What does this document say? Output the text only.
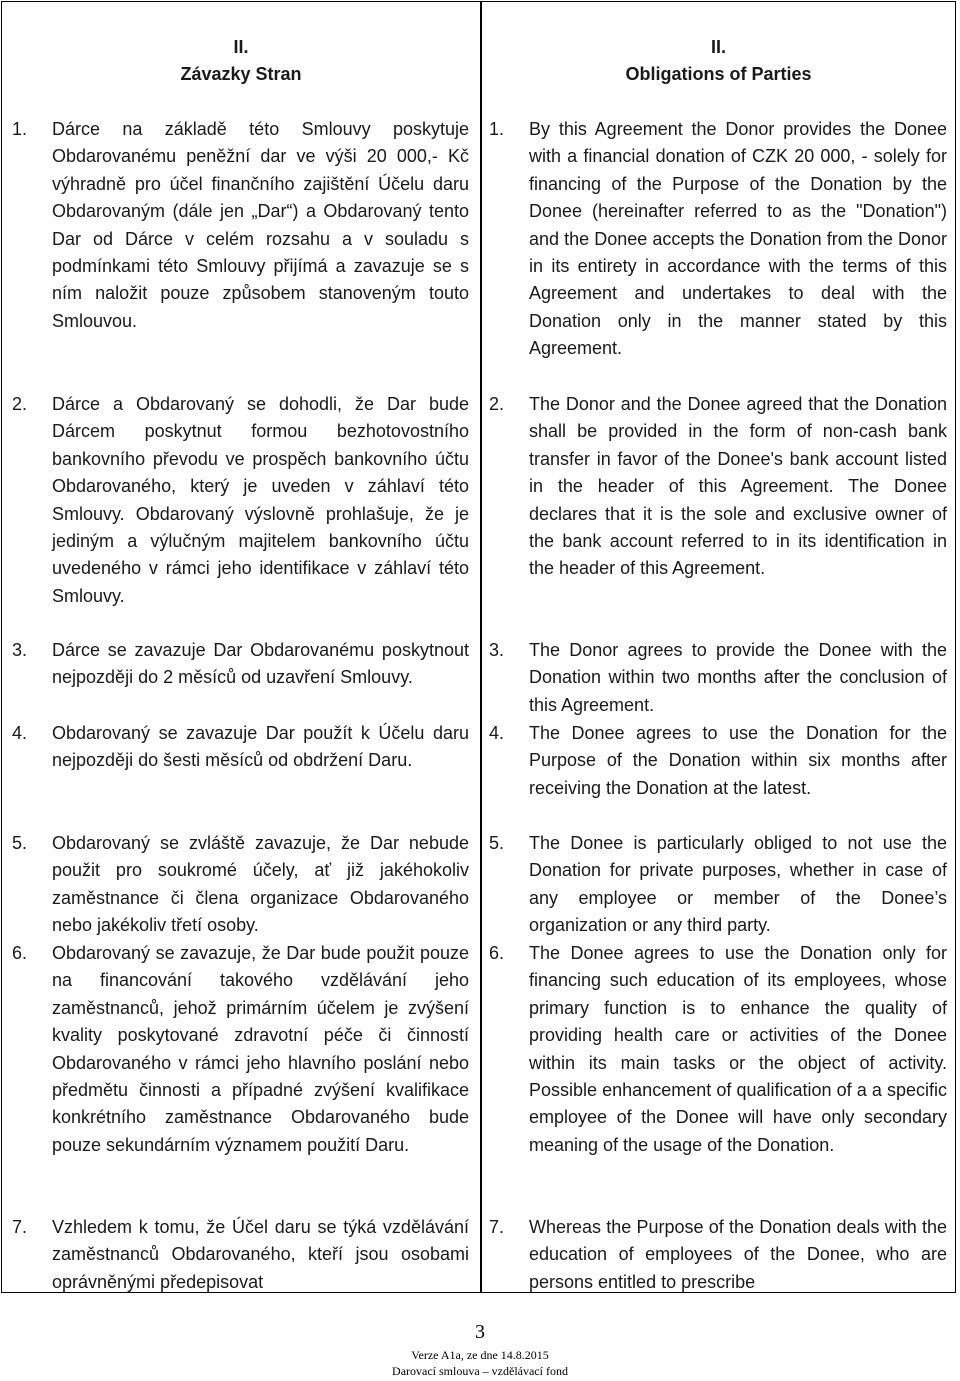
II.
Závazky Stran
1. Dárce na základě této Smlouvy poskytuje Obdarovanému peněžní dar ve výši 20 000,- Kč výhradně pro účel finančního zajištění Účelu daru Obdarovaným (dále jen „Dar“) a Obdarovaný tento Dar od Dárce v celém rozsahu a v souladu s podmínkami této Smlouvy přijímá a zavazuje se s ním naložit pouze způsobem stanoveným touto Smlouvou.
2. Dárce a Obdarovaný se dohodli, že Dar bude Dárcem poskytnut formou bezhotovostního bankovního převodu ve prospěch bankovního účtu Obdarovaného, který je uveden v záhlaví této Smlouvy. Obdarovaný výslovně prohlašuje, že je jediným a výlučným majitelem bankovního účtu uvedeného v rámci jeho identifikace v záhlaví této Smlouvy.
3. Dárce se zavazuje Dar Obdarovanému poskytnout nejpozději do 2 měsíců od uzavření Smlouvy.
4. Obdarovaný se zavazuje Dar použít k Účelu daru nejpozději do šesti měsíců od obdržení Daru.
5. Obdarovaný se zvláště zavazuje, že Dar nebude použit pro soukromé účely, ať již jakéhokoliv zaměstnance či člena organizace Obdarovaného nebo jakékoliv třetí osoby.
6. Obdarovaný se zavazuje, že Dar bude použit pouze na financování takového vzdělávání jeho zaměstnanců, jehož primárním účelem je zvýšení kvality poskytované zdravotní péče či činností Obdarovaného v rámci jeho hlavního poslání nebo předmětu činnosti a případné zvýšení kvalifikace konkrétního zaměstnance Obdarovaného bude pouze sekundárním významem použití Daru.
7. Vzhledem k tomu, že Účel daru se týká vzdělávání zaměstnanců Obdarovaného, kteří jsou osobami oprávněnými předepisovat
II.
Obligations of Parties
1. By this Agreement the Donor provides the Donee with a financial donation of CZK 20 000, - solely for financing of the Purpose of the Donation by the Donee (hereinafter referred to as the "Donation") and the Donee accepts the Donation from the Donor in its entirety in accordance with the terms of this Agreement and undertakes to deal with the Donation only in the manner stated by this Agreement.
2. The Donor and the Donee agreed that the Donation shall be provided in the form of non-cash bank transfer in favor of the Donee's bank account listed in the header of this Agreement. The Donee declares that it is the sole and exclusive owner of the bank account referred to in its identification in the header of this Agreement.
3. The Donor agrees to provide the Donee with the Donation within two months after the conclusion of this Agreement.
4. The Donee agrees to use the Donation for the Purpose of the Donation within six months after receiving the Donation at the latest.
5. The Donee is particularly obliged to not use the Donation for private purposes, whether in case of any employee or member of the Donee’s organization or any third party.
6. The Donee agrees to use the Donation only for financing such education of its employees, whose primary function is to enhance the quality of providing health care or activities of the Donee within its main tasks or the object of activity. Possible enhancement of qualification of a a specific employee of the Donee will have only secondary meaning of the usage of the Donation.
7. Whereas the Purpose of the Donation deals with the education of employees of the Donee, who are persons entitled to prescribe
3
Verze A1a, ze dne 14.8.2015
Darovací smlouva – vzdělávací fond
